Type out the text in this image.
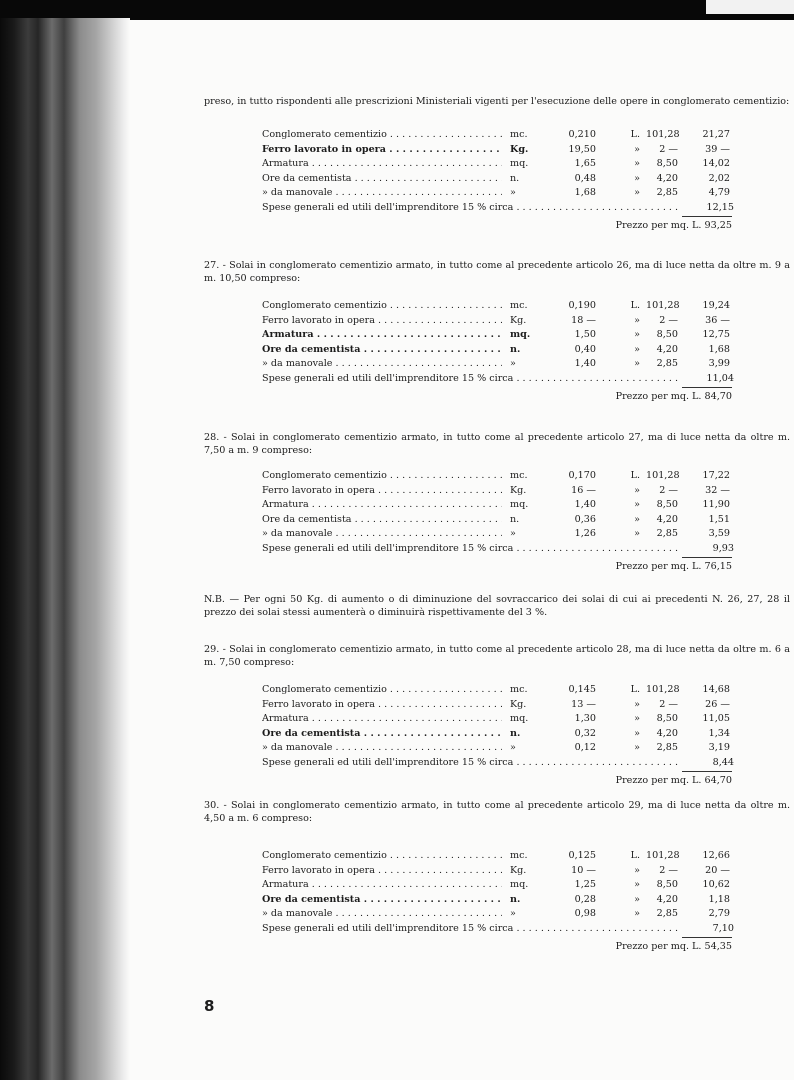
preso, in tutto rispondenti alle prescrizioni Ministeriali vigenti per l'esecuzione delle opere in conglomerato cementizio:
Conglomerato cementizio . . .	mc.	0,210	L. 101,28	21,27
Ferro lavorato in opera . . .	Kg.	19,50	»	2 —	39 —
Armatura . . .	mq.	1,65	»	8,50	14,02
Ore da cementista . . .	n.	0,48	»	4,20	2,02
» da manovale . . .	»	1,68	»	2,85	4,79
Spese generali ed utili dell'imprenditore 15 % circa . . .	12,15
Prezzo per mq. L. 93,25
27. - Solai in conglomerato cementizio armato, in tutto come al precedente articolo 26, ma di luce netta da oltre m. 9 a m. 10,50 compreso:
Conglomerato cementizio . . .	mc.	0,190	L. 101,28	19,24
Ferro lavorato in opera . . .	Kg.	18 —	»	2 —	36 —
Armatura . . .	mq.	1,50	»	8,50	12,75
Ore da cementista . . .	n.	0,40	»	4,20	1,68
» da manovale . . .	»	1,40	»	2,85	3,99
Spese generali ed utili dell'imprenditore 15 % circa . . .	11,04
Prezzo per mq. L. 84,70
28. - Solai in conglomerato cementizio armato, in tutto come al precedente articolo 27, ma di luce netta da oltre m. 7,50 a m. 9 compreso:
Conglomerato cementizio . . .	mc.	0,170	L. 101,28	17,22
Ferro lavorato in opera . . .	Kg.	16 —	»	2 —	32 —
Armatura . . .	mq.	1,40	»	8,50	11,90
Ore da cementista . . .	n.	0,36	»	4,20	1,51
» da manovale . . .	»	1,26	»	2,85	3,59
Spese generali ed utili dell'imprenditore 15 % circa . . .	9,93
Prezzo per mq. L. 76,15
29. - Solai in conglomerato cementizio armato, in tutto come al precedente articolo 28, ma di luce netta da oltre m. 6 a m. 7,50 compreso:
Conglomerato cementizio . . .	mc.	0,145	L. 101,28	14,68
Ferro lavorato in opera . . .	Kg.	13 —	»	2 —	26 —
Armatura . . .	mq.	1,30	»	8,50	11,05
Ore da cementista . . .	n.	0,32	»	4,20	1,34
» da manovale . . .	»	0,12	»	2,85	3,19
Spese generali ed utili dell'imprenditore 15 % circa . . .	8,44
Prezzo per mq. L. 64,70
30. - Solai in conglomerato cementizio armato, in tutto come al precedente articolo 29, ma di luce netta da oltre m. 4,50 a m. 6 compreso:
Conglomerato cementizio . . .	mc.	0,125	L. 101,28	12,66
Ferro lavorato in opera . . .	Kg.	10 —	»	2 —	20 —
Armatura . . .	mq.	1,25	»	8,50	10,62
Ore da cementista . . .	n.	0,28	»	4,20	1,18
» da manovale . . .	»	0,98	»	2,85	2,79
Spese generali ed utili dell'imprenditore 15 % circa . . .	7,10
Prezzo per mq. L. 54,35
N.B. — Per ogni 50 Kg. di aumento o di diminuzione del sovraccarico dei solai di cui ai precedenti N. 26, 27, 28 il prezzo dei solai stessi aumenterà o diminuirà rispettivamente del 3 %.
8
